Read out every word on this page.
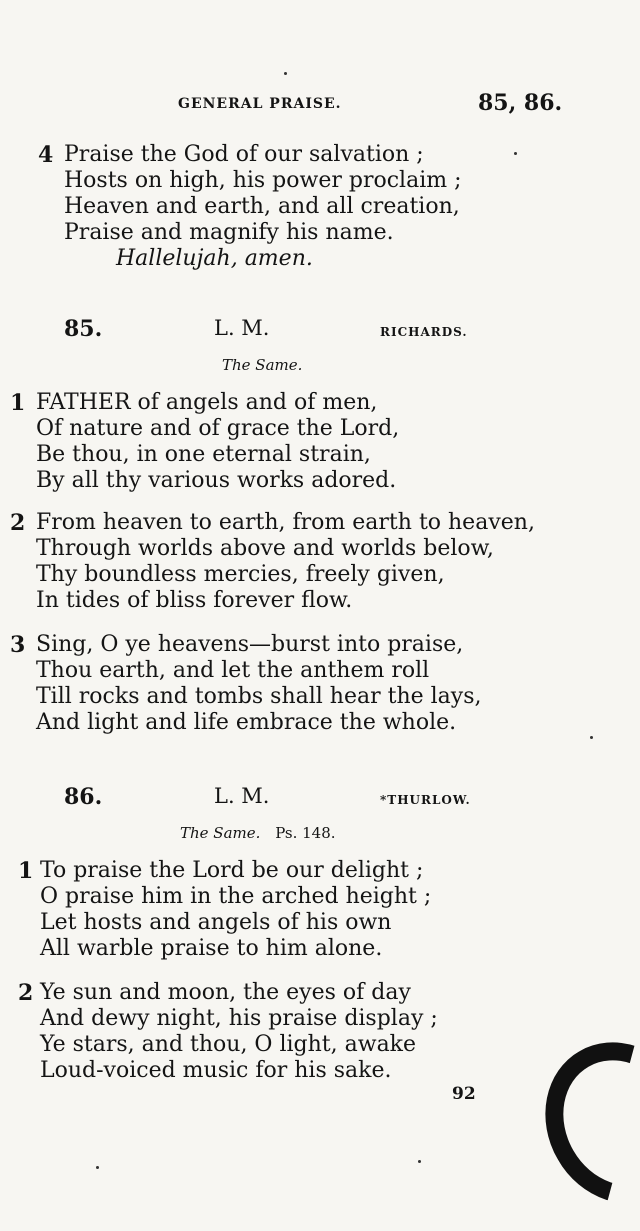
GENERAL PRAISE.	85, 86.
4 Praise the God of our salvation ;
Hosts on high, his power proclaim ;
Heaven and earth, and all creation,
Praise and magnify his name.
Hallelujah, amen.
85.	L. M.	RICHARDS.
The Same.
1 FATHER of angels and of men,
Of nature and of grace the Lord,
Be thou, in one eternal strain,
By all thy various works adored.
2 From heaven to earth, from earth to heaven,
Through worlds above and worlds below,
Thy boundless mercies, freely given,
In tides of bliss forever flow.
3 Sing, O ye heavens—burst into praise,
Thou earth, and let the anthem roll
Till rocks and tombs shall hear the lays,
And light and life embrace the whole.
86.	L. M.	*THURLOW.
The Same. Ps. 148.
1 To praise the Lord be our delight ;
O praise him in the arched height ;
Let hosts and angels of his own
All warble praise to him alone.
2 Ye sun and moon, the eyes of day
And dewy night, his praise display ;
Ye stars, and thou, O light, awake
Loud-voiced music for his sake.
92
